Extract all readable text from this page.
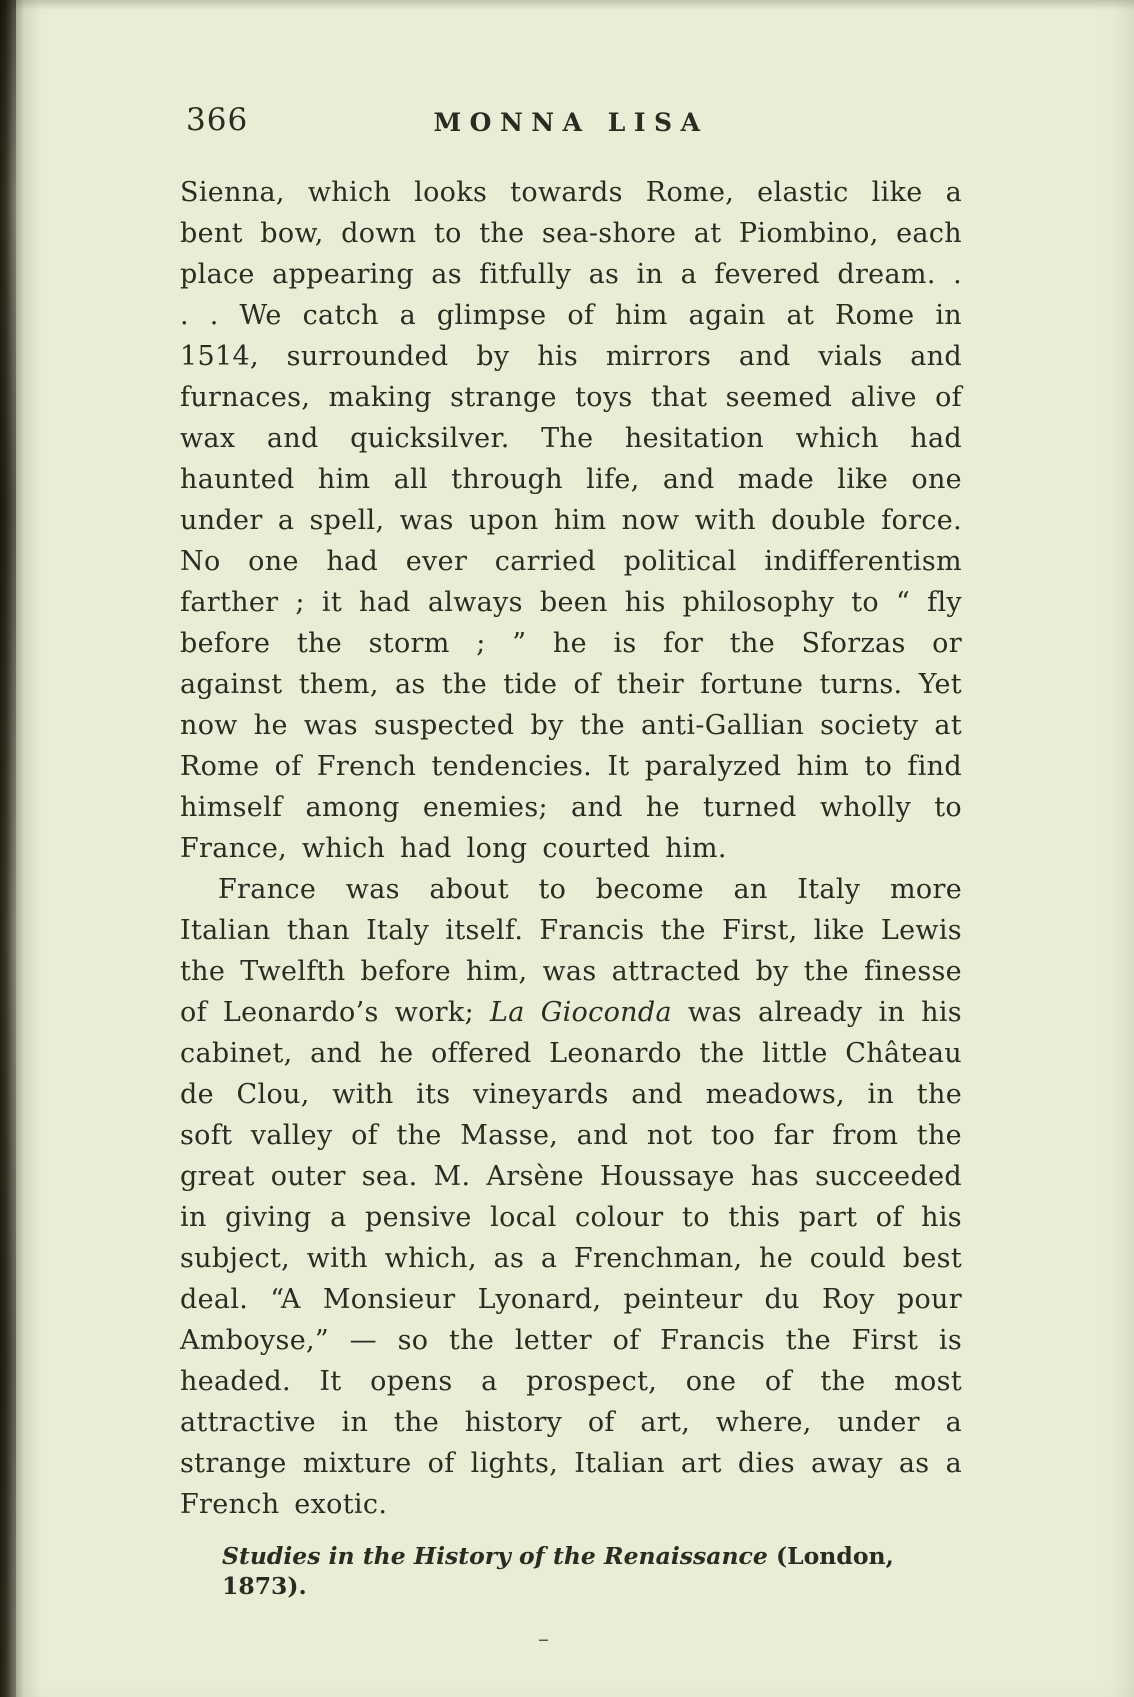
366	MONNA LISA

Sienna, which looks towards Rome, elastic like a bent bow, down to the sea-shore at Piombino, each place appearing as fitfully as in a fevered dream. . . . We catch a glimpse of him again at Rome in 1514, surrounded by his mirrors and vials and furnaces, making strange toys that seemed alive of wax and quicksilver. The hesitation which had haunted him all through life, and made like one under a spell, was upon him now with double force. No one had ever carried political indifferentism farther ; it had always been his philosophy to “ fly before the storm ; ” he is for the Sforzas or against them, as the tide of their fortune turns. Yet now he was suspected by the anti-Gallian society at Rome of French tendencies. It paralyzed him to find himself among enemies; and he turned wholly to France, which had long courted him.

France was about to become an Italy more Italian than Italy itself. Francis the First, like Lewis the Twelfth before him, was attracted by the finesse of Leonardo’s work; La Gioconda was already in his cabinet, and he offered Leonardo the little Château de Clou, with its vineyards and meadows, in the soft valley of the Masse, and not too far from the great outer sea. M. Arsène Houssaye has succeeded in giving a pensive local colour to this part of his subject, with which, as a Frenchman, he could best deal. “A Monsieur Lyonard, peinteur du Roy pour Amboyse,” — so the letter of Francis the First is headed. It opens a prospect, one of the most attractive in the history of art, where, under a strange mixture of lights, Italian art dies away as a French exotic.

Studies in the History of the Renaissance (London, 1873).
–
